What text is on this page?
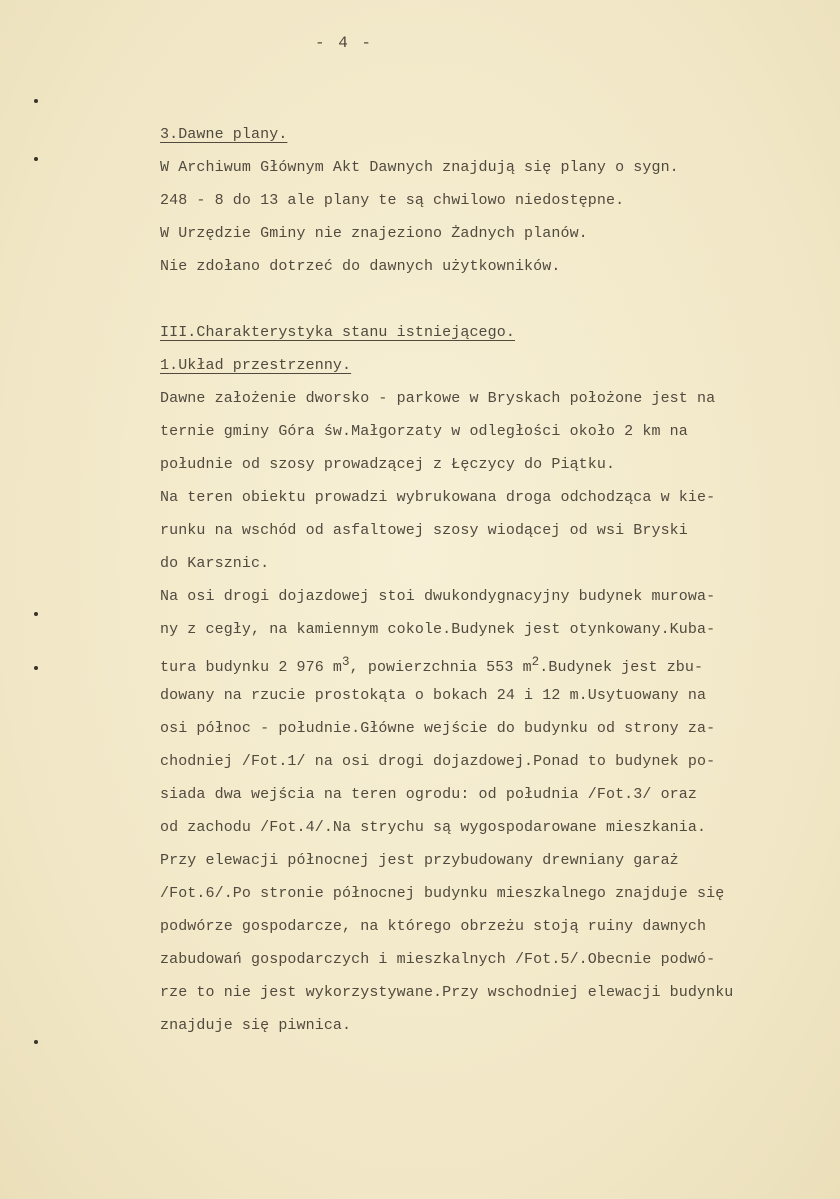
- 4 -
3.Dawne plany.
W Archiwum Głównym Akt Dawnych znajdują się plany o sygn.
248 - 8 do 13 ale plany te są chwilowo niedostępne.
W Urzędzie Gminy nie znajeziono Żadnych planów.
Nie zdołano dotrzeć do dawnych użytkowników.
III.Charakterystyka stanu istniejącego.
1.Układ przestrzenny.
Dawne założenie dworsko - parkowe w Bryskach położone jest na
ternie gminy Góra św.Małgorzaty w odległości około 2 km na
południe od szosy prowadzącej z Łęczycy do Piątku.
Na teren obiektu prowadzi wybrukowana droga odchodząca w kie-
runku na wschód od asfaltowej szosy wiodącej od wsi Bryski
do Karsznic.
Na osi drogi dojazdowej stoi dwukondygnacyjny budynek murowa-
ny z cegły, na kamiennym cokole.Budynek jest otynkowany.Kuba-
tura budynku 2 976 $m^3$, powierzchnia 553 $m^2.Budynek$ jest zbu-
dowany na rzucie prostokąta o bokach 24 i 12 m.Usytuowany na
osi północ - południe.Główne wejście do budynku od strony za-
chodniej /Fot.1/ na osi drogi dojazdowej.Ponad to budynek po-
siada dwa wejścia na teren ogrodu: od południa /Fot.3/ oraz
od zachodu /Fot.4/.Na strychu są wygospodarowane mieszkania.
Przy elewacji północnej jest przybudowany drewniany garaż
/Fot.6/.Po stronie północnej budynku mieszkalnego znajduje się
podwórze gospodarcze, na którego obrzeżu stoją ruiny dawnych
zabudowań gospodarczych i mieszkalnych /Fot.5/.Obecnie podwó-
rze to nie jest wykorzystywane.Przy wschodniej elewacji budynku
znajduje się piwnica.
